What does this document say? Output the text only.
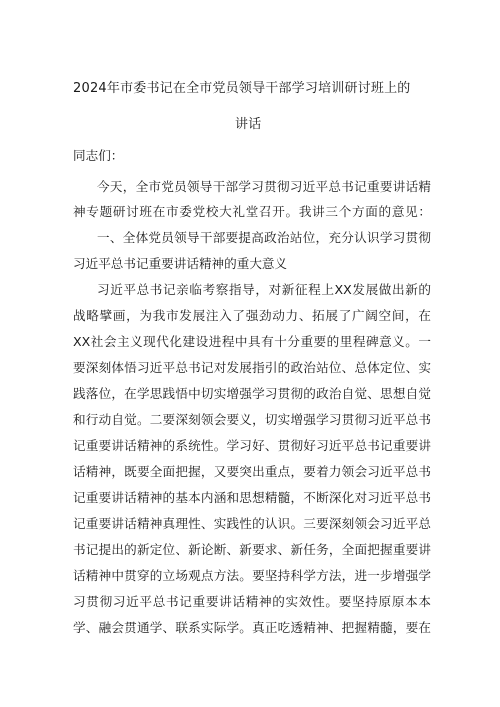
2024年市委书记在全市党员领导干部学习培训研讨班上的
讲话
同志们：
今天，全市党员领导干部学习贯彻习近平总书记重要讲话精
神专题研讨班在市委党校大礼堂召开。我讲三个方面的意见：
一、全体党员领导干部要提高政治站位，充分认识学习贯彻
习近平总书记重要讲话精神的重大意义
习近平总书记亲临考察指导，对新征程上XX发展做出新的
战略擘画，为我市发展注入了强劲动力、拓展了广阔空间，在
XX社会主义现代化建设进程中具有十分重要的里程碑意义。一
要深刻体悟习近平总书记对发展指引的政治站位、总体定位、实
践落位，在学思践悟中切实增强学习贯彻的政治自觉、思想自觉
和行动自觉。二要深刻领会要义，切实增强学习贯彻习近平总书
记重要讲话精神的系统性。学习好、贯彻好习近平总书记重要讲
话精神，既要全面把握，又要突出重点，要着力领会习近平总书
记重要讲话精神的基本内涵和思想精髓，不断深化对习近平总书
记重要讲话精神真理性、实践性的认识。三要深刻领会习近平总
书记提出的新定位、新论断、新要求、新任务，全面把握重要讲
话精神中贯穿的立场观点方法。要坚持科学方法，进一步增强学
习贯彻习近平总书记重要讲话精神的实效性。要坚持原原本本
学、融会贯通学、联系实际学。真正吃透精神、把握精髓，要在
